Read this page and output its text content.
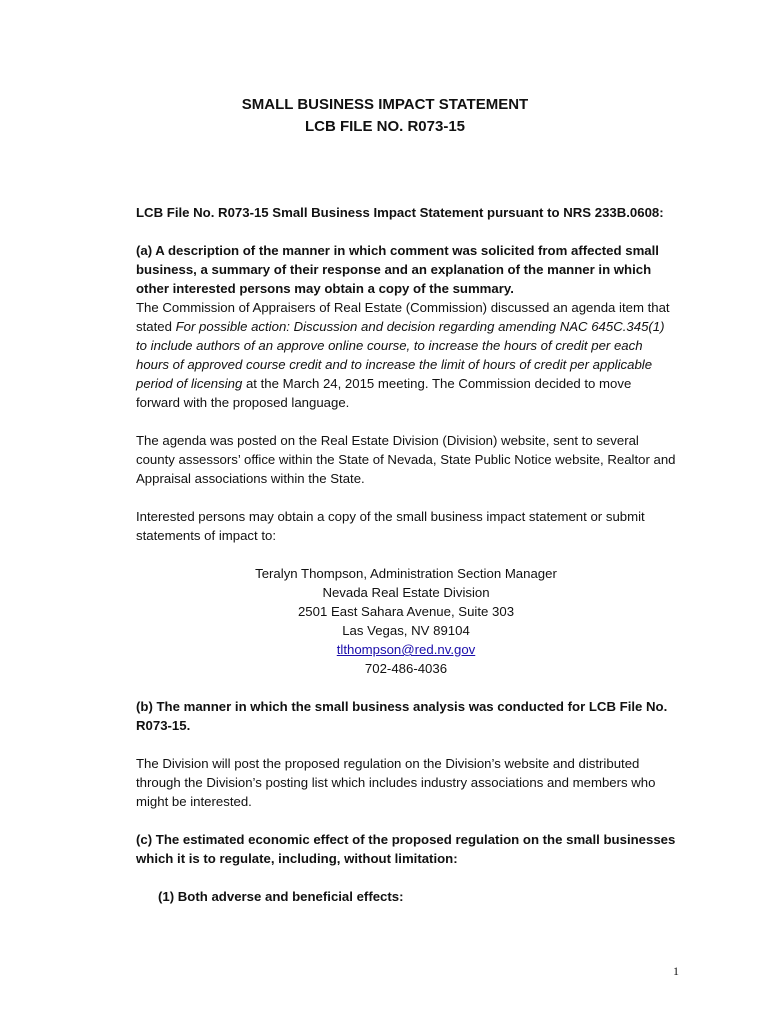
SMALL BUSINESS IMPACT STATEMENT
LCB FILE NO. R073-15

LCB File No. R073-15 Small Business Impact Statement pursuant to NRS 233B.0608:

(a) A description of the manner in which comment was solicited from affected small business, a summary of their response and an explanation of the manner in which other interested persons may obtain a copy of the summary.

The Commission of Appraisers of Real Estate (Commission) discussed an agenda item that stated For possible action: Discussion and decision regarding amending NAC 645C.345(1) to include authors of an approve online course, to increase the hours of credit per each hours of approved course credit and to increase the limit of hours of credit per applicable period of licensing at the March 24, 2015 meeting. The Commission decided to move forward with the proposed language.

The agenda was posted on the Real Estate Division (Division) website, sent to several county assessors’ office within the State of Nevada, State Public Notice website, Realtor and Appraisal associations within the State.

Interested persons may obtain a copy of the small business impact statement or submit statements of impact to:

Teralyn Thompson, Administration Section Manager

Nevada Real Estate Division

2501 East Sahara Avenue, Suite 303

Las Vegas, NV 89104

tlthompson@red.nv.gov

702-486-4036

(b) The manner in which the small business analysis was conducted for LCB File No. R073-15.

The Division will post the proposed regulation on the Division’s website and distributed through the Division’s posting list which includes industry associations and members who might be interested.

(c) The estimated economic effect of the proposed regulation on the small businesses which it is to regulate, including, without limitation:

(1) Both adverse and beneficial effects:

1
